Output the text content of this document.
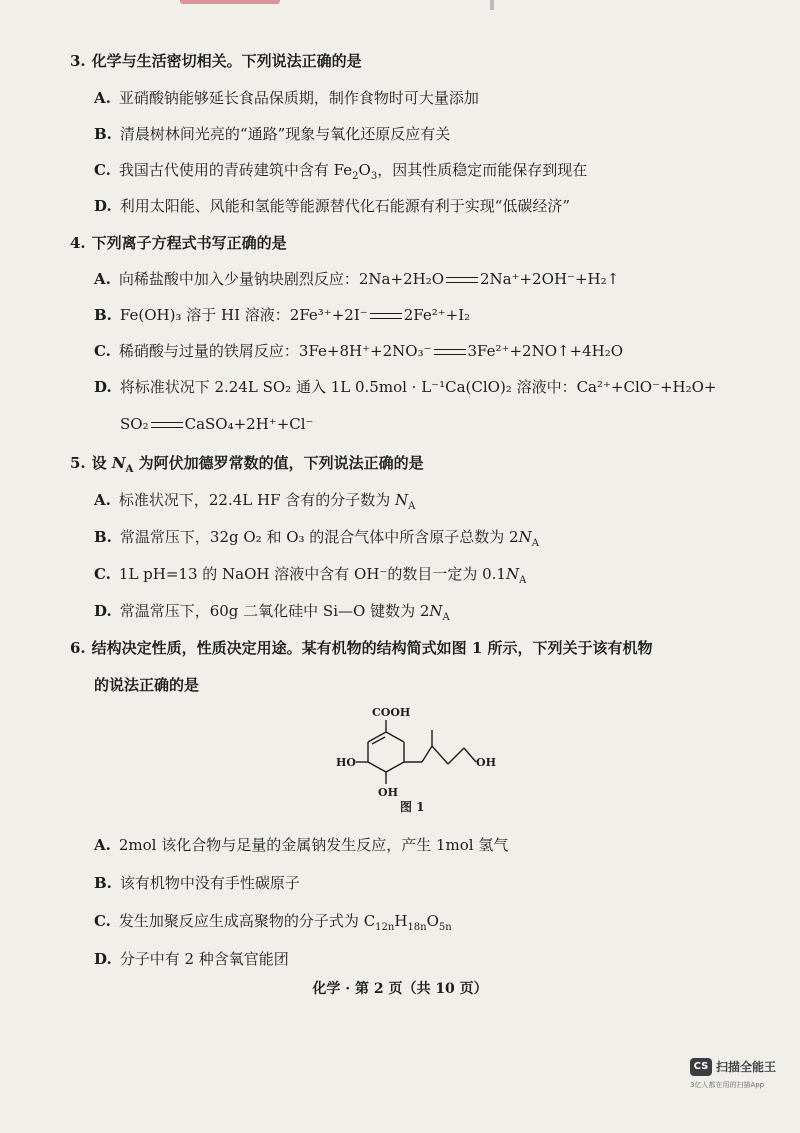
3. 化学与生活密切相关。下列说法正确的是
A. 亚硝酸钠能够延长食品保质期，制作食物时可大量添加
B. 清晨树林间光亮的“通路”现象与氧化还原反应有关
C. 我国古代使用的青砖建筑中含有 $Fe_2O_3$，因其性质稳定而能保存到现在
D. 利用太阳能、风能和氢能等能源替代化石能源有利于实现“低碳经济”
4. 下列离子方程式书写正确的是
A. 向稀盐酸中加入少量钠块剧烈反应：2Na+2H₂O 2Na⁺+2OH⁻+H₂↑
B. Fe(OH)₃ 溶于 HI 溶液：2Fe³⁺+2I⁻ 2Fe²⁺+I₂
C. 稀硝酸与过量的铁屑反应：3Fe+8H⁺+2NO₃⁻ 3Fe²⁺+2NO↑+4H₂O
D. 将标准状况下 2.24L SO₂ 通入 1L 0.5mol · L⁻¹Ca(ClO)₂ 溶液中：Ca²⁺+ClO⁻+H₂O+
SO₂ CaSO₄+2H⁺+Cl⁻
5. 设 $N_A$ 为阿伏加德罗常数的值，下列说法正确的是
A. 标准状况下，22.4L HF 含有的分子数为 $N_A$
B. 常温常压下，32g O₂ 和 O₃ 的混合气体中所含原子总数为 $2N_A$
C. 1L pH=13 的 NaOH 溶液中含有 OH⁻的数目一定为 $0.1N_A$
D. 常温常压下，60g 二氧化硅中 Si—O 键数为 $2N_A$
6. 结构决定性质，性质决定用途。某有机物的结构简式如图 1 所示，下列关于该有机物
的说法正确的是
COOH
HO
OH
OH
图 1
A. 2mol 该化合物与足量的金属钠发生反应，产生 1mol 氢气
B. 该有机物中没有手性碳原子
C. 发生加聚反应生成高聚物的分子式为 $C_{12n}H_{18n}O_{5n}$
D. 分子中有 2 种含氧官能团
化学 · 第 2 页（共 10 页）
CS 扫描全能王
3亿人都在用的扫描App
